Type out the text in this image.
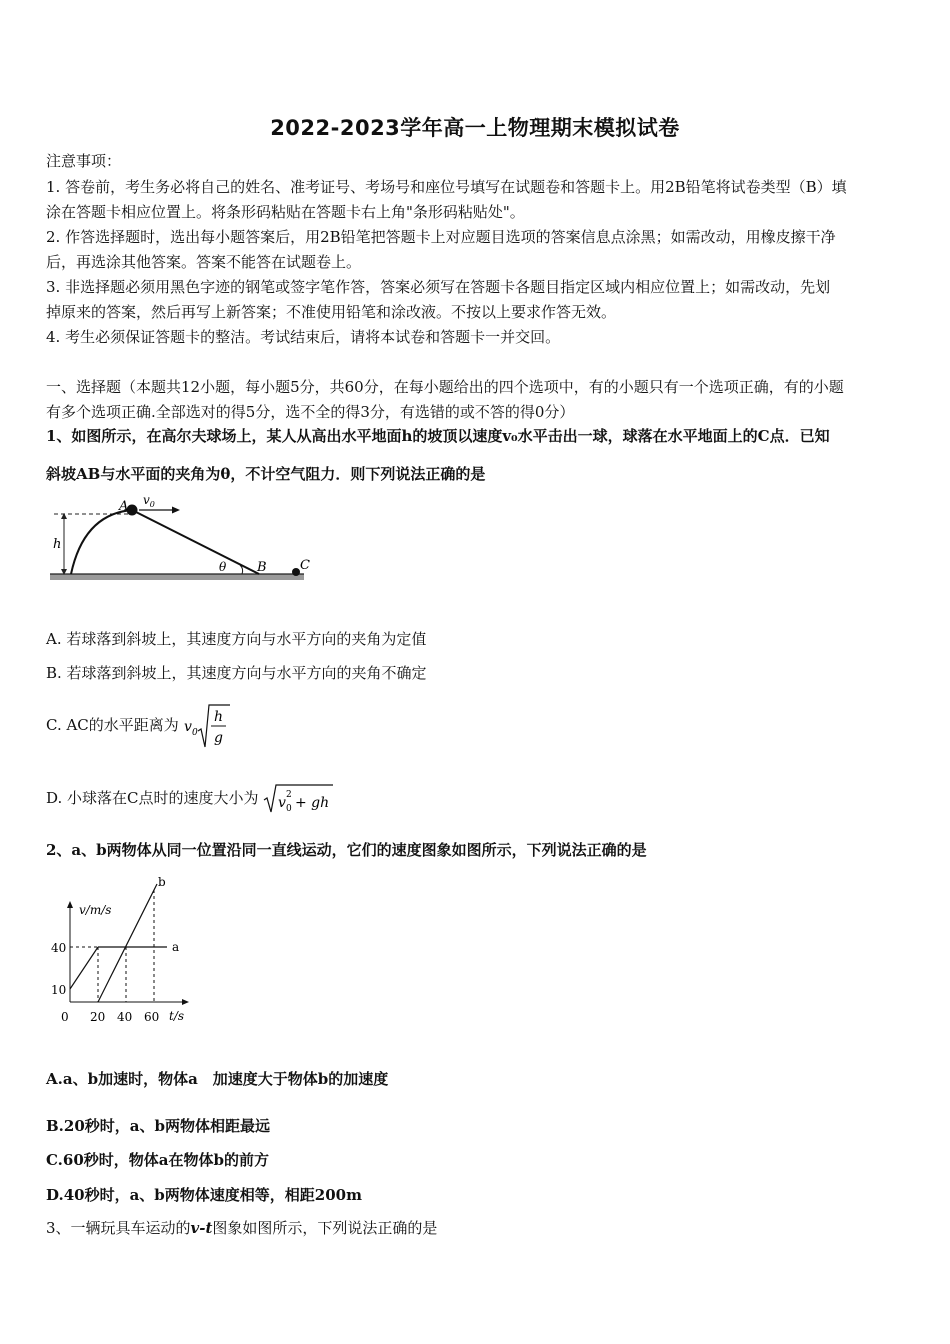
2022-2023学年高一上物理期末模拟试卷
注意事项：
1. 答卷前，考生务必将自己的姓名、准考证号、考场号和座位号填写在试题卷和答题卡上。用2B铅笔将试卷类型（B）填
涂在答题卡相应位置上。将条形码粘贴在答题卡右上角"条形码粘贴处"。
2. 作答选择题时，选出每小题答案后，用2B铅笔把答题卡上对应题目选项的答案信息点涂黑；如需改动，用橡皮擦干净
后，再选涂其他答案。答案不能答在试题卷上。
3. 非选择题必须用黑色字迹的钢笔或签字笔作答，答案必须写在答题卡各题目指定区域内相应位置上；如需改动，先划
掉原来的答案，然后再写上新答案；不准使用铅笔和涂改液。不按以上要求作答无效。
4. 考生必须保证答题卡的整洁。考试结束后，请将本试卷和答题卡一并交回。
一、选择题（本题共12小题，每小题5分，共60分，在每小题给出的四个选项中，有的小题只有一个选项正确，有的小题
有多个选项正确.全部选对的得5分，选不全的得3分，有选错的或不答的得0分）
1、如图所示，在高尔夫球场上，某人从高出水平地面h的坡顶以速度v₀水平击出一球，球落在水平地面上的C点．已知
斜坡AB与水平面的夹角为θ，不计空气阻力．则下列说法正确的是
h
A $v_0$
θ B	C
A. 若球落到斜坡上，其速度方向与水平方向的夹角为定值
B. 若球落到斜坡上，其速度方向与水平方向的夹角不确定
C. AC的水平距离为 v 0
h
g
D. 小球落在C点时的速度大小为 v 2
0 + gh
2、a、b两物体从同一位置沿同一直线运动，它们的速度图象如图所示，下列说法正确的是
v/m/s
t/s
a
b
40
10
0 20 40 60
A.a、b加速时，物体a　加速度大于物体b的加速度
B.20秒时，a、b两物体相距最远
C.60秒时，物体a在物体b的前方
D.40秒时，a、b两物体速度相等，相距200m
3、一辆玩具车运动的v-t图象如图所示，下列说法正确的是
